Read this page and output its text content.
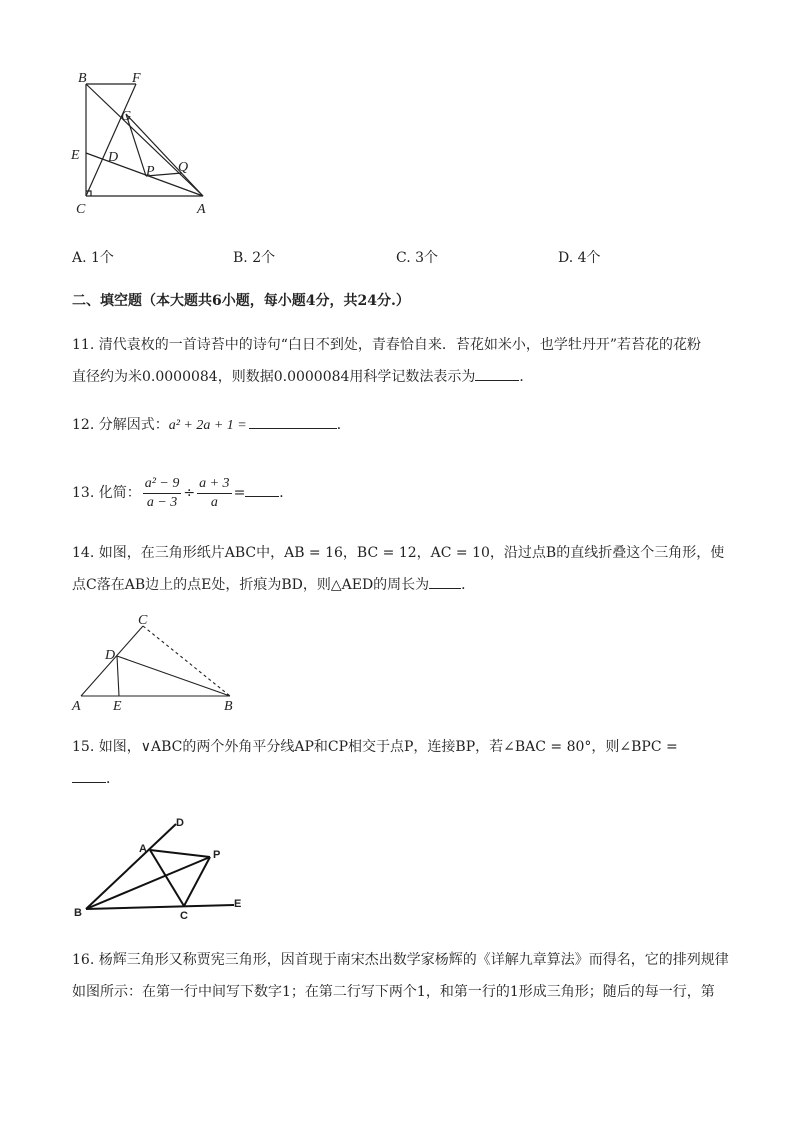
B	F
G
E D
P Q
C	A
A. 1个	B. 2个	C. 3个	D. 4个
二、填空题（本大题共6小题，每小题4分，共24分.）
11. 清代袁枚的一首诗苔中的诗句“白日不到处，青春恰自来．苔花如米小，也学牡丹开”若苔花的花粉
直径约为米0.0000084，则数据0.0000084用科学记数法表示为	．
12. 分解因式：a² + 2a + 1 =	．
13. 化简： $\frac{\text{a² − 9}}{a - 3} \div \frac{a + 3}{a}$ = ．
14. 如图，在三角形纸片ABC中，AB = 16，BC = 12，AC = 10，沿过点B的直线折叠这个三角形，使
点C落在AB边上的点E处，折痕为BD，则△AED的周长为 ．
C
D
A E	B
15. 如图，∨ABC的两个外角平分线AP和CP相交于点P，连接BP，若∠BAC = 80°，则∠BPC =
．
D
A	P
B	C
E
16. 杨辉三角形又称贾宪三角形，因首现于南宋杰出数学家杨辉的《详解九章算法》而得名，它的排列规律
如图所示：在第一行中间写下数字1；在第二行写下两个1，和第一行的1形成三角形；随后的每一行，第
